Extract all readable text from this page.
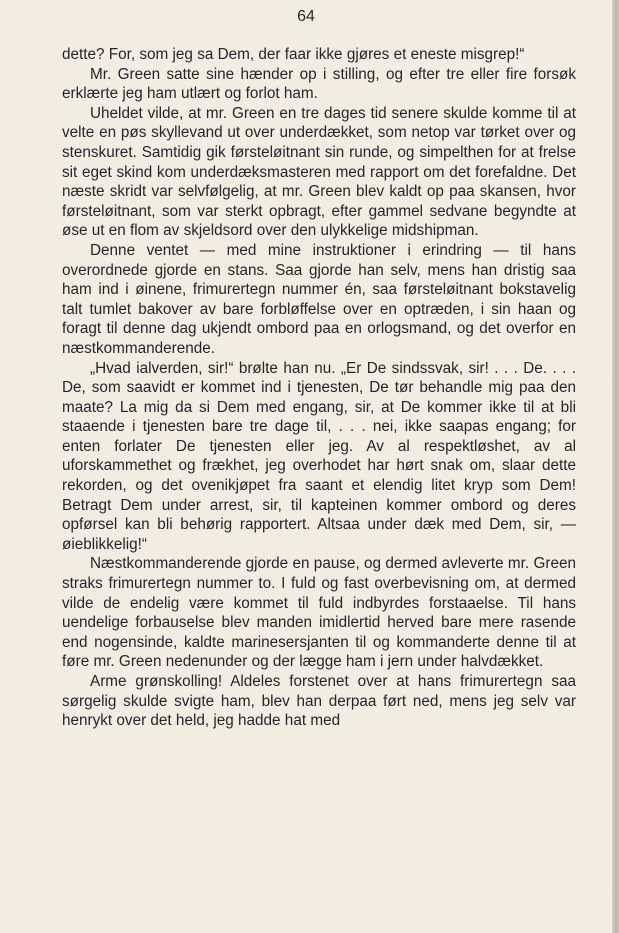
64

dette? For, som jeg sa Dem, der faar ikke gjøres et eneste misgrep!“

Mr. Green satte sine hænder op i stilling, og efter tre eller fire forsøk erklærte jeg ham utlært og forlot ham.

Uheldet vilde, at mr. Green en tre dages tid senere skulde komme til at velte en pøs skyllevand ut over underdækket, som netop var tørket over og stenskuret. Samtidig gik førsteløitnant sin runde, og simpelthen for at frelse sit eget skind kom underdæksmasteren med rapport om det forefaldne. Det næste skridt var selvfølgelig, at mr. Green blev kaldt op paa skansen, hvor førsteløitnant, som var sterkt opbragt, efter gammel sedvane begyndte at øse ut en flom av skjeldsord over den ulykkelige midshipman.

Denne ventet — med mine instruktioner i erindring — til hans overordnede gjorde en stans. Saa gjorde han selv, mens han dristig saa ham ind i øinene, frimurertegn nummer én, saa førsteløitnant bokstavelig talt tumlet bakover av bare forbløffelse over en optræden, i sin haan og foragt til denne dag ukjendt ombord paa en orlogsmand, og det overfor en næstkommanderende.

„Hvad ialverden, sir!“ brølte han nu. „Er De sindssvak, sir! . . . De. . . . De, som saavidt er kommet ind i tjenesten, De tør behandle mig paa den maate? La mig da si Dem med engang, sir, at De kommer ikke til at bli staaende i tjenesten bare tre dage til, . . . nei, ikke saapas engang; for enten forlater De tjenesten eller jeg. Av al respektløshet, av al uforskammethet og frækhet, jeg overhodet har hørt snak om, slaar dette rekorden, og det ovenikjøpet fra saant et elendig litet kryp som Dem! Betragt Dem under arrest, sir, til kapteinen kommer ombord og deres opførsel kan bli behørig rapportert. Altsaa under dæk med Dem, sir, — øieblikkelig!“

Næstkommanderende gjorde en pause, og dermed avleverte mr. Green straks frimurertegn nummer to. I fuld og fast overbevisning om, at dermed vilde de endelig være kommet til fuld indbyrdes forstaaelse. Til hans uendelige forbauselse blev manden imidlertid herved bare mere rasende end nogensinde, kaldte marinesersjanten til og kommanderte denne til at føre mr. Green nedenunder og der lægge ham i jern under halvdækket.

Arme grønskolling! Aldeles forstenet over at hans frimurertegn saa sørgelig skulde svigte ham, blev han derpaa ført ned, mens jeg selv var henrykt over det held, jeg hadde hat med
